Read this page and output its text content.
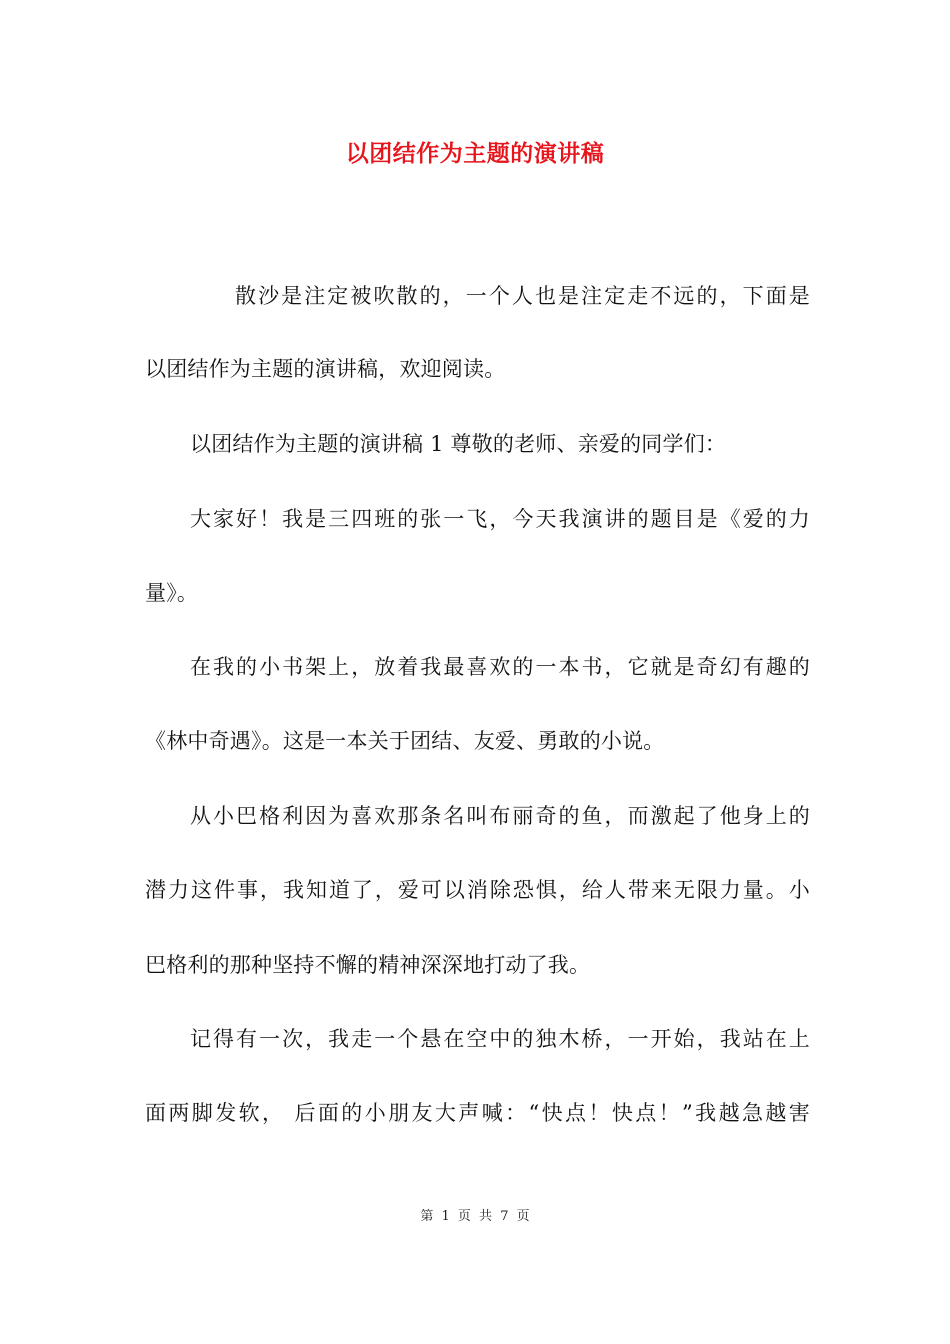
以团结作为主题的演讲稿
散沙是注定被吹散的，一个人也是注定走不远的，下面是
以团结作为主题的演讲稿，欢迎阅读。
以团结作为主题的演讲稿 1 尊敬的老师、亲爱的同学们：
大家好！我是三四班的张一飞，今天我演讲的题目是《爱的力
量》。
在我的小书架上，放着我最喜欢的一本书，它就是奇幻有趣的
《林中奇遇》。这是一本关于团结、友爱、勇敢的小说。
从小巴格利因为喜欢那条名叫布丽奇的鱼，而激起了他身上的
潜力这件事，我知道了，爱可以消除恐惧，给人带来无限力量。小
巴格利的那种坚持不懈的精神深深地打动了我。
记得有一次，我走一个悬在空中的独木桥，一开始，我站在上
面两脚发软， 后面的小朋友大声喊：“快点！快点！”我越急越害
第 1 页 共 7 页
